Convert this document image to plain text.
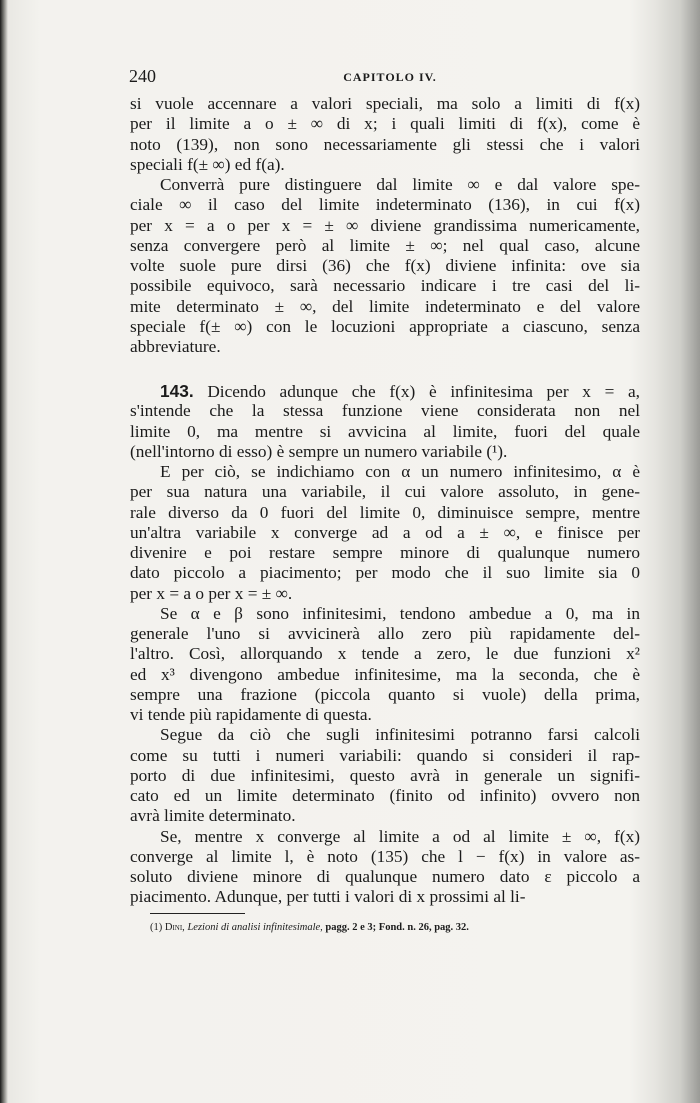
240	CAPITOLO IV.
si vuole accennare a valori speciali, ma solo a limiti di f(x)
per il limite a o ± ∞ di x; i quali limiti di f(x), come è
noto (139), non sono necessariamente gli stessi che i valori
speciali f(± ∞) ed f(a).
Converrà pure distinguere dal limite ∞ e dal valore spe-
ciale ∞ il caso del limite indeterminato (136), in cui f(x)
per x = a o per x = ± ∞ diviene grandissima numericamente,
senza convergere però al limite ± ∞; nel qual caso, alcune
volte suole pure dirsi (36) che f(x) diviene infinita: ove sia
possibile equivoco, sarà necessario indicare i tre casi del li-
mite determinato ± ∞, del limite indeterminato e del valore
speciale f(± ∞) con le locuzioni appropriate a ciascuno, senza
abbreviature.
143. Dicendo adunque che f(x) è infinitesima per x = a,
s'intende che la stessa funzione viene considerata non nel
limite 0, ma mentre si avvicina al limite, fuori del quale
(nell'intorno di esso) è sempre un numero variabile (¹).
E per ciò, se indichiamo con α un numero infinitesimo, α è
per sua natura una variabile, il cui valore assoluto, in gene-
rale diverso da 0 fuori del limite 0, diminuisce sempre, mentre
un'altra variabile x converge ad a od a ± ∞, e finisce per
divenire e poi restare sempre minore di qualunque numero
dato piccolo a piacimento; per modo che il suo limite sia 0
per x = a o per x = ± ∞.
Se α e β sono infinitesimi, tendono ambedue a 0, ma in
generale l'uno si avvicinerà allo zero più rapidamente del-
l'altro. Così, allorquando x tende a zero, le due funzioni x²
ed x³ divengono ambedue infinitesime, ma la seconda, che è
sempre una frazione (piccola quanto si vuole) della prima,
vi tende più rapidamente di questa.
Segue da ciò che sugli infinitesimi potranno farsi calcoli
come su tutti i numeri variabili: quando si consideri il rap-
porto di due infinitesimi, questo avrà in generale un signifi-
cato ed un limite determinato (finito od infinito) ovvero non
avrà limite determinato.
Se, mentre x converge al limite a od al limite ± ∞, f(x)
converge al limite l, è noto (135) che l − f(x) in valore as-
soluto diviene minore di qualunque numero dato ε piccolo a
piacimento. Adunque, per tutti i valori di x prossimi al li-
(1) Dini, Lezioni di analisi infinitesimale, pagg. 2 e 3; Fond. n. 26, pag. 32.
